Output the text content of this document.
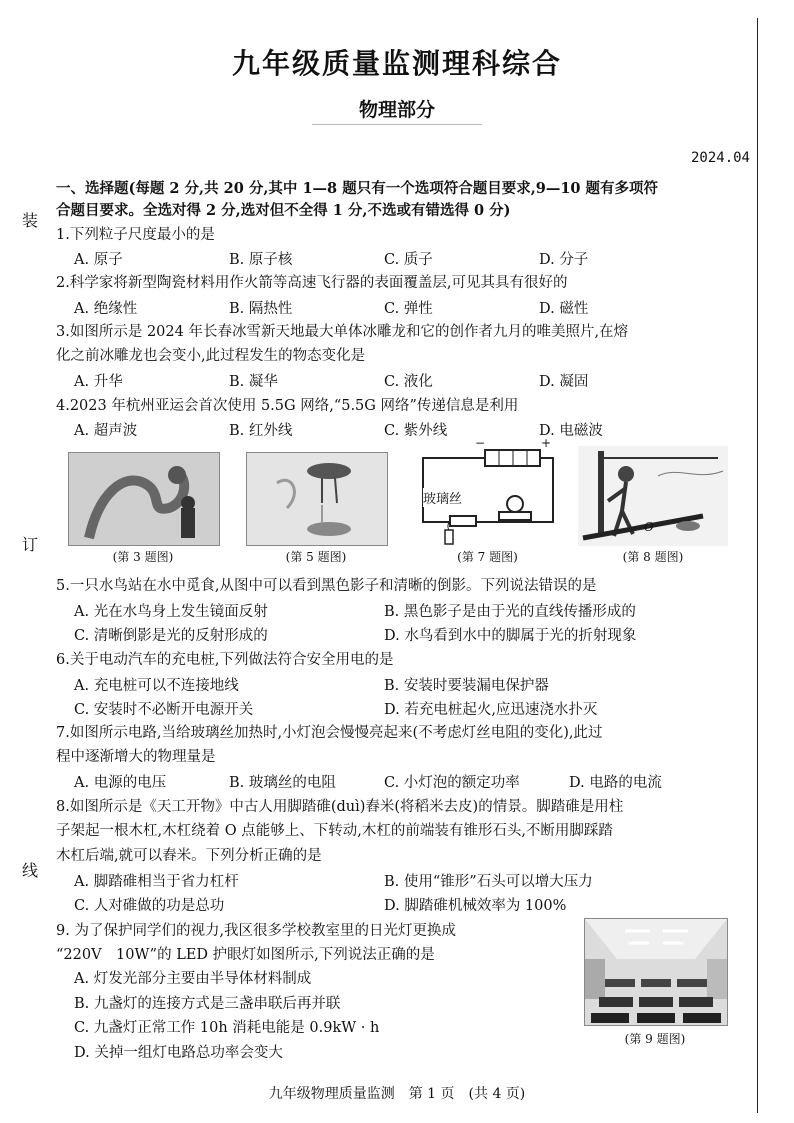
九年级质量监测理科综合
物理部分
2024.04
装
订
线
一、选择题(每题 2 分,共 20 分,其中 1—8 题只有一个选项符合题目要求,9—10 题有多项符
合题目要求。全选对得 2 分,选对但不全得 1 分,不选或有错选得 0 分)
1.下列粒子尺度最小的是
A. 原子	B. 原子核	C. 质子	D. 分子
2.科学家将新型陶瓷材料用作火箭等高速飞行器的表面覆盖层,可见其具有很好的
A. 绝缘性	B. 隔热性	C. 弹性	D. 磁性
3.如图所示是 2024 年长春冰雪新天地最大单体冰雕龙和它的创作者九月的唯美照片,在熔
化之前冰雕龙也会变小,此过程发生的物态变化是
A. 升华	B. 凝华	C. 液化	D. 凝固
4.2023 年杭州亚运会首次使用 5.5G 网络,“5.5G 网络”传递信息是利用
A. 超声波	B. 红外线	C. 紫外线	D. 电磁波
(第 3 题图)	(第 5 题图)
玻璃丝
−	+
(第 7 题图)
O
(第 8 题图)
5.一只水鸟站在水中觅食,从图中可以看到黑色影子和清晰的倒影。下列说法错误的是
A. 光在水鸟身上发生镜面反射	B. 黑色影子是由于光的直线传播形成的
C. 清晰倒影是光的反射形成的	D. 水鸟看到水中的脚属于光的折射现象
6.关于电动汽车的充电桩,下列做法符合安全用电的是
A. 充电桩可以不连接地线	B. 安装时要装漏电保护器
C. 安装时不必断开电源开关	D. 若充电桩起火,应迅速浇水扑灭
7.如图所示电路,当给玻璃丝加热时,小灯泡会慢慢亮起来(不考虑灯丝电阻的变化),此过
程中逐渐增大的物理量是
A. 电源的电压	B. 玻璃丝的电阻	C. 小灯泡的额定功率	D. 电路的电流
8.如图所示是《天工开物》中古人用脚踏碓(duì)舂米(将稻米去皮)的情景。脚踏碓是用柱
子架起一根木杠,木杠绕着 O 点能够上、下转动,木杠的前端装有锥形石头,不断用脚踩踏
木杠后端,就可以舂米。下列分析正确的是
A. 脚踏碓相当于省力杠杆	B. 使用“锥形”石头可以增大压力
C. 人对碓做的功是总功	D. 脚踏碓机械效率为 100%
9. 为了保护同学们的视力,我区很多学校教室里的日光灯更换成
“220V　10W”的 LED 护眼灯如图所示,下列说法正确的是
A. 灯发光部分主要由半导体材料制成
B. 九盏灯的连接方式是三盏串联后再并联
C. 九盏灯正常工作 10h 消耗电能是 0.9kW · h
D. 关掉一组灯电路总功率会变大
(第 9 题图)
九年级物理质量监测　第 1 页　(共 4 页)
